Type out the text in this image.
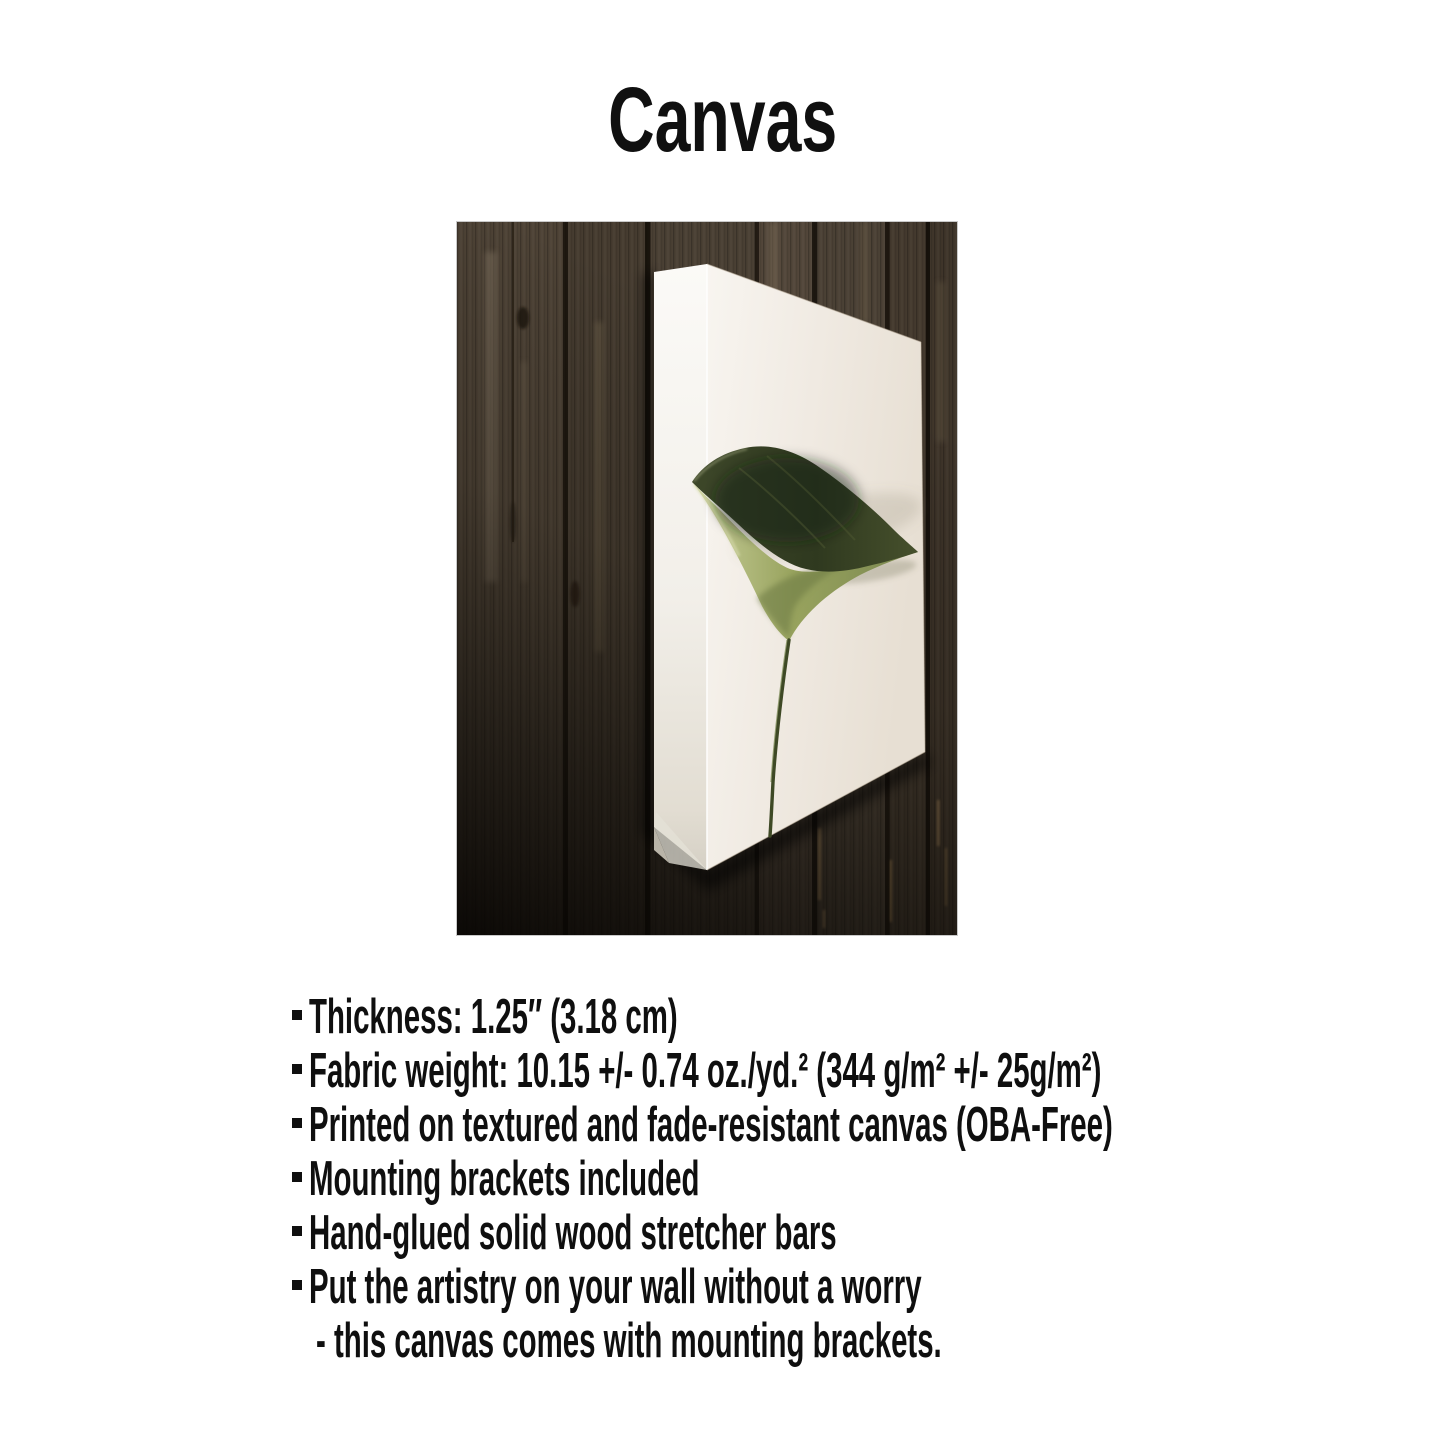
Canvas
Thickness: 1.25″ (3.18 cm)
Fabric weight: 10.15 +/- 0.74 oz./yd.² (344 g/m² +/- 25g/m²)
Printed on textured and fade-resistant canvas (OBA-Free)
Mounting brackets included
Hand-glued solid wood stretcher bars
Put the artistry on your wall without a worry
- this canvas comes with mounting brackets.
